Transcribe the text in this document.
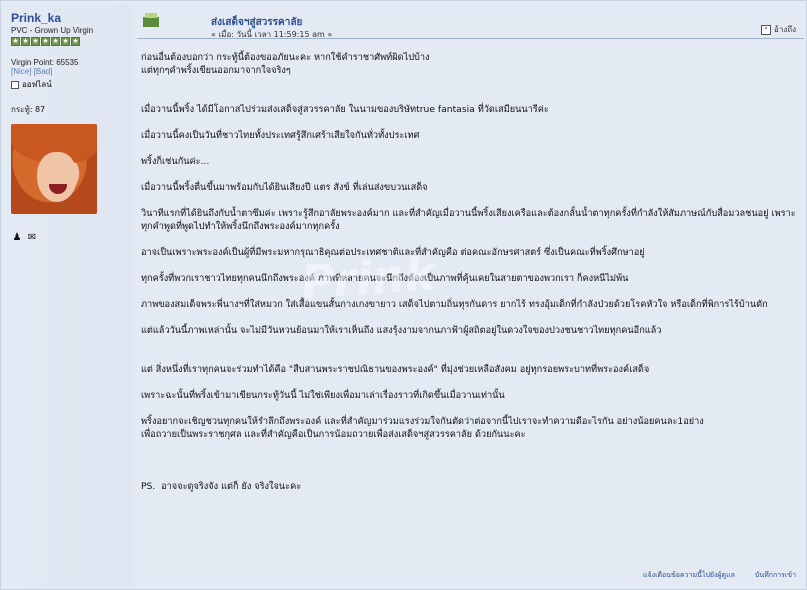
Prink_ka
PVC - Grown Up Virgin
★ ★ ★ ★ ★ ★ ★
Virgin Point: 65535
[Nice] [Bad]
ออฟไลน์
กระทู้: 87
♟ ✉
ส่งเสด็จฯสู่สวรรคาลัย
« เมื่อ: วันนี้ เวลา 11:59:15 am »
“ อ้างถึง

ก่อนอื่นต้องบอกว่า กระทู้นี้ต้องขออภัยนะคะ หากใช้คำราชาศัพท์ผิดไปบ้าง
แต่ทุกๆคำพริ้งเขียนออกมาจากใจจริงๆ

เมื่อวานนี้พริ้ง ได้มีโอกาสไปร่วมส่งเสด็จสู่สวรรคาลัย ในนามของบริษัทtrue fantasia ที่วัดเสมียนนารีค่ะ

เมื่อวานนี้คงเป็นวันที่ชาวไทยทั้งประเทศรู้สึกเศร้าเสียใจกันทั่วทั้งประเทศ

พริ้งก็เช่นกันค่ะ...

เมื่อวานนี้พริ้งตื่นขึ้นมาพร้อมกับได้ยินเสียงปี แตร สังข์ ที่เล่นส่งขบวนเสด็จ

วินาทีแรกที่ได้ยินถึงกับน้ำตาซึมค่ะ เพราะรู้สึกอาลัยพระองค์มาก และที่สำคัญเมื่อวานนี้พริ้งเสียงเครือและต้องกลั้นน้ำตาทุกครั้งที่กำลังให้สัมภาษณ์กับสื่อมวลชนอยู่ เพราะทุกคำพูดที่พูดไปทำให้พริ้งนึกถึงพระองค์มากทุกครั้ง

อาจเป็นเพราะพระองค์เป็นผู้ที่มีพระมหากรุณาธิคุณต่อประเทศชาติและที่สำคัญคือ ต่อคณะอักษรศาสตร์ ซึ่งเป็นคณะที่พริ้งศึกษาอยู่

ทุกครั้งที่พวกเราชาวไทยทุกคนนึกถึงพระองค์ ภาพที่หลายคนจะนึกถึงต้องเป็นภาพที่คุ้นเคยในสายตาของพวกเรา ก็คงหนีไม่พ้น

ภาพของสมเด็จพระพี่นางฯที่ใส่หมวก ใส่เสื้อแขนสั้นกางเกงขายาว เสด็จไปตามถิ่นทุรกันดาร ยากไร้ ทรงอุ้มเด็กที่กำลังป่วยด้วยโรคหัวใจ หรือเด็กที่พิการไร้บ้านตัก

แต่แล้ววันนี้ภาพเหล่านั้น จะไม่มีวันหวนย้อนมาให้เราเห็นถึง แสงรุ้งงามจากนภาฟ้าผู้สถิตอยู่ในดวงใจของปวงชนชาวไทยทุกคนอีกแล้ว

แต่ สิ่งหนึ่งที่เราทุกคนจะร่วมทำได้คือ "สืบสานพระราชปณิธานของพระองค์" ที่มุ่งช่วยเหลือสังคม อยู่ทุกรอยพระบาทที่พระองค์เสด็จ

เพราะฉะนั้นที่พริ้งเข้ามาเขียนกระทู้วันนี้ ไม่ใช่เพียงเพื่อมาเล่าเรื่องราวที่เกิดขึ้นเมื่อวานเท่านั้น

พริ้งอยากจะเชิญชวนทุกคนให้รำลึกถึงพระองค์ และที่สำคัญมาร่วมแรงร่วมใจกันตัดว่าต่อจากนี้ไปเราจะทำความดีอะไรกัน อย่างน้อยคนละ1อย่าง
เพื่อถวายเป็นพระราชกุศล และที่สำคัญคือเป็นการน้อมถวายเพื่อส่งเสด็จฯสู่สวรรคาลัย ด้วยกันนะคะ

PS.  อาจจะดูจริงจัง แต่ก็ ยัง จริงใจนะคะ

แจ้งเตือนข้อความนี้ไปยังผู้ดูแล	บันทึกการเข้า
Prink
